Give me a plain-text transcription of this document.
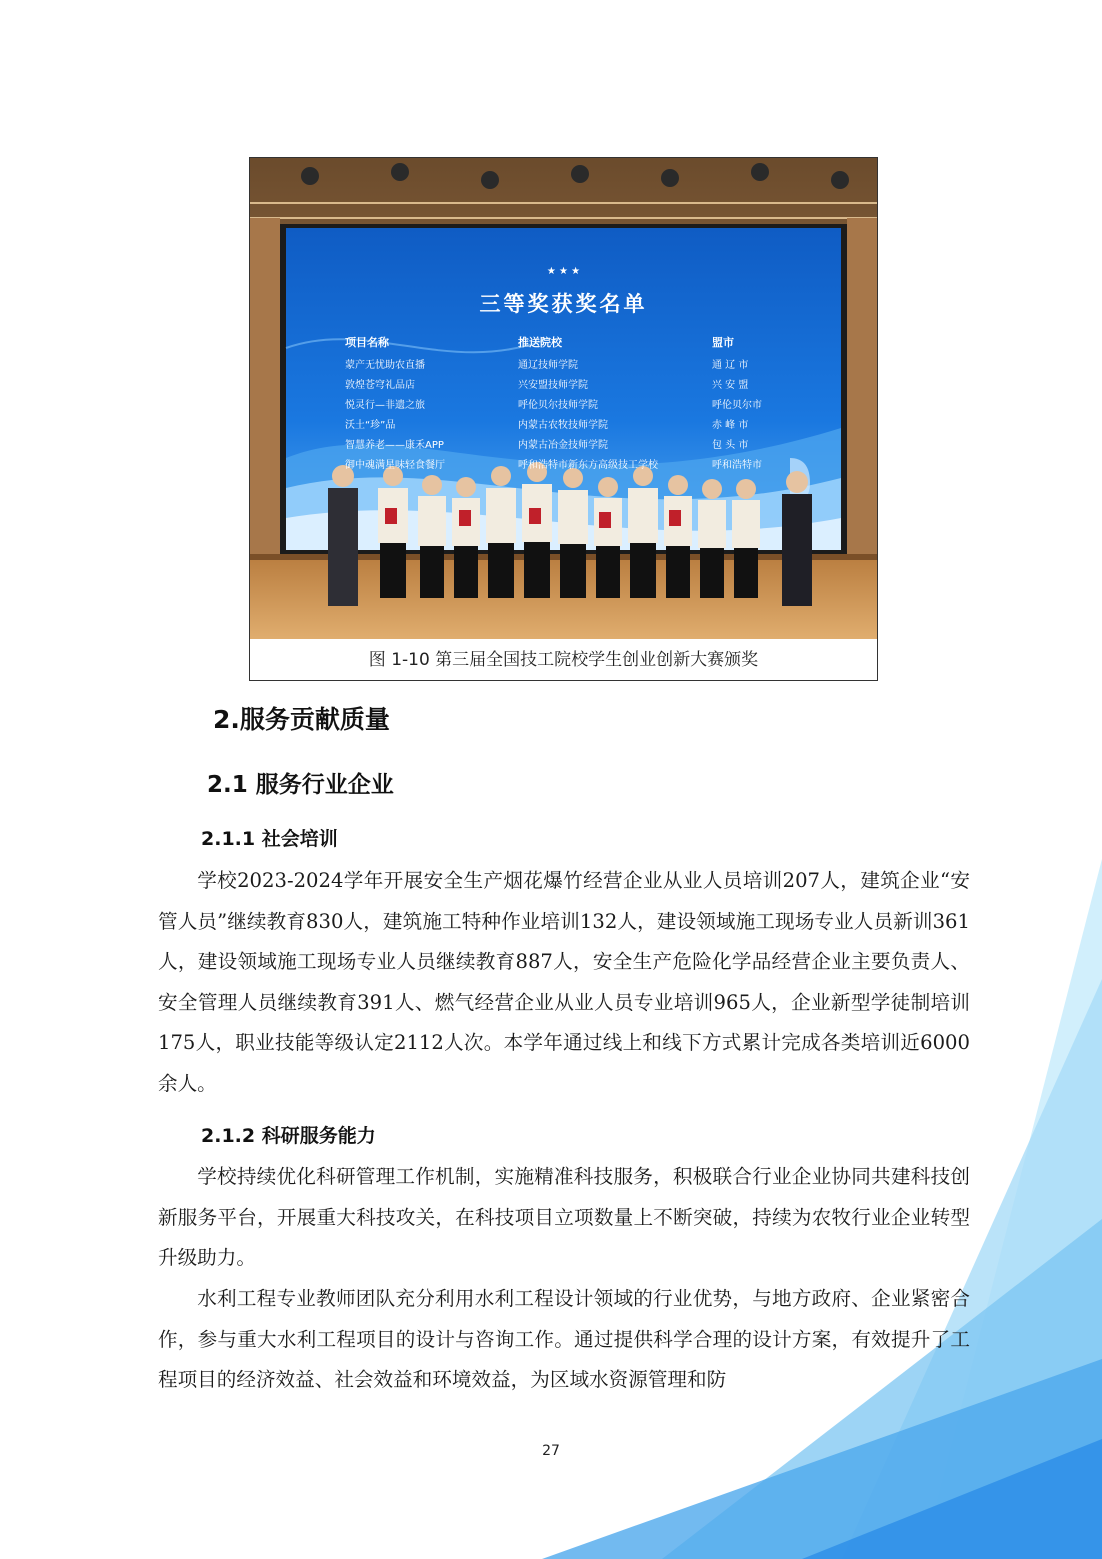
★ ★ ★
三等奖获奖名单
项目名称
蒙产无忧助农直播
敦煌苍穹礼品店
悦灵行—非遗之旅
沃土“珍”品
智慧养老——康禾APP
御中魂满星味轻食餐厅
推送院校
通辽技师学院
兴安盟技师学院
呼伦贝尔技师学院
内蒙古农牧技师学院
内蒙古冶金技师学院
呼和浩特市新东方高级技工学校
盟市
通 辽 市
兴 安 盟
呼伦贝尔市
赤 峰 市
包 头 市
呼和浩特市
图 1-10 第三届全国技工院校学生创业创新大赛颁奖
2.服务贡献质量
2.1 服务行业企业
2.1.1 社会培训

学校2023-2024学年开展安全生产烟花爆竹经营企业从业人员培训207人，建筑企业“安管人员”继续教育830人，建筑施工特种作业培训132人，建设领域施工现场专业人员新训361人，建设领域施工现场专业人员继续教育887人，安全生产危险化学品经营企业主要负责人、安全管理人员继续教育391人、燃气经营企业从业人员专业培训965人，企业新型学徒制培训175人，职业技能等级认定2112人次。本学年通过线上和线下方式累计完成各类培训近6000余人。

2.1.2 科研服务能力

学校持续优化科研管理工作机制，实施精准科技服务，积极联合行业企业协同共建科技创新服务平台，开展重大科技攻关，在科技项目立项数量上不断突破，持续为农牧行业企业转型升级助力。

水利工程专业教师团队充分利用水利工程设计领域的行业优势，与地方政府、企业紧密合作，参与重大水利工程项目的设计与咨询工作。通过提供科学合理的设计方案，有效提升了工程项目的经济效益、社会效益和环境效益，为区域水资源管理和防

27
